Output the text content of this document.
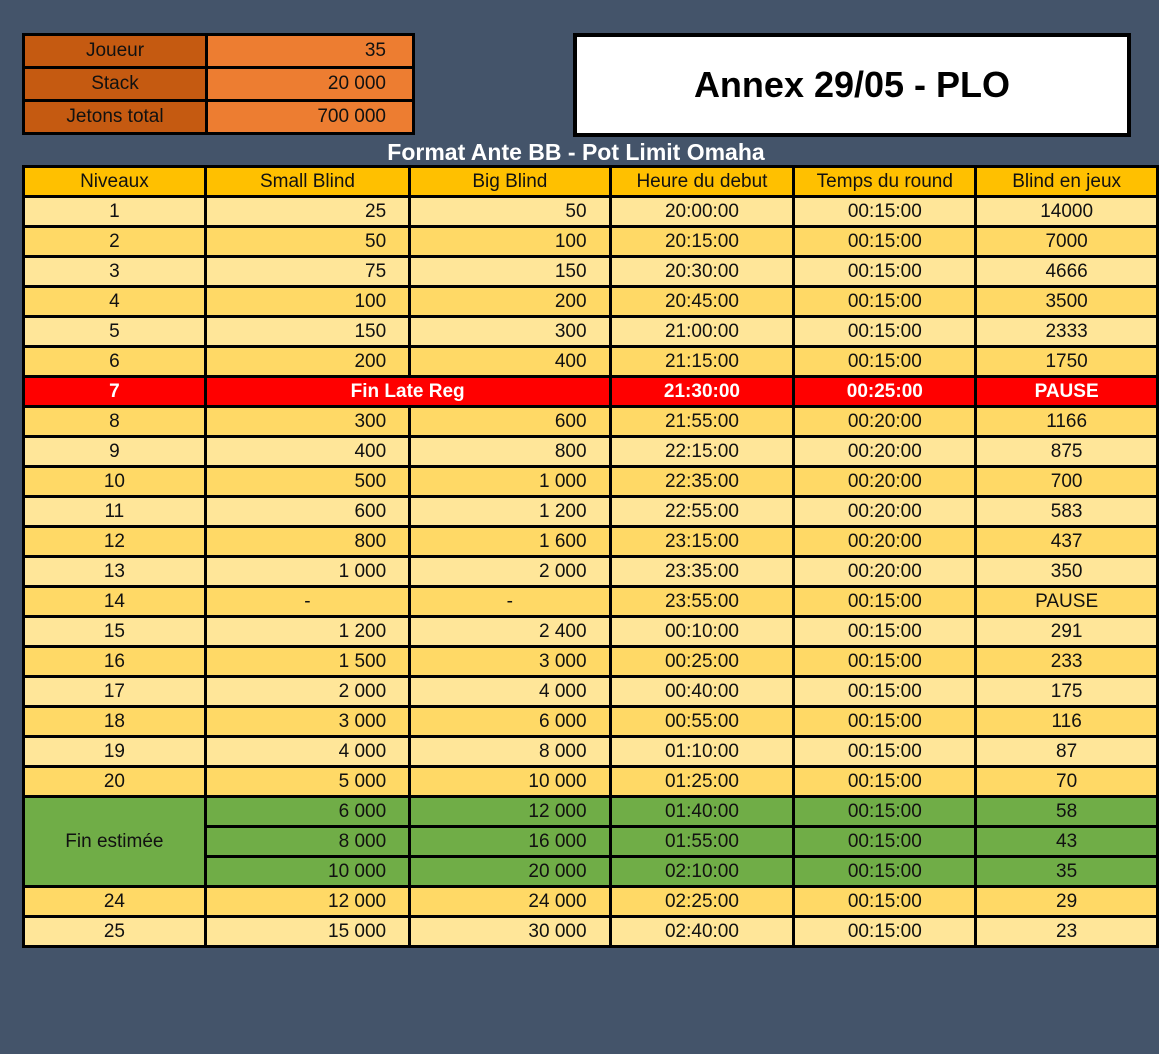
Joueur	35
Stack	20 000
Jetons total	700 000
Annex 29/05 - PLO
Format Ante BB - Pot Limit Omaha
Niveaux	Small Blind	Big Blind	Heure du debut	Temps du round	Blind en jeux
1	25	50	20:00:00	00:15:00	14000
2	50	100	20:15:00	00:15:00	7000
3	75	150	20:30:00	00:15:00	4666
4	100	200	20:45:00	00:15:00	3500
5	150	300	21:00:00	00:15:00	2333
6	200	400	21:15:00	00:15:00	1750
7	Fin Late Reg		21:30:00	00:25:00	PAUSE
8	300	600	21:55:00	00:20:00	1166
9	400	800	22:15:00	00:20:00	875
10	500	1 000	22:35:00	00:20:00	700
11	600	1 200	22:55:00	00:20:00	583
12	800	1 600	23:15:00	00:20:00	437
13	1 000	2 000	23:35:00	00:20:00	350
14	-	-	23:55:00	00:15:00	PAUSE
15	1 200	2 400	00:10:00	00:15:00	291
16	1 500	3 000	00:25:00	00:15:00	233
17	2 000	4 000	00:40:00	00:15:00	175
18	3 000	6 000	00:55:00	00:15:00	116
19	4 000	8 000	01:10:00	00:15:00	87
20	5 000	10 000	01:25:00	00:15:00	70
Fin estimée	6 000	12 000	01:40:00	00:15:00	58
	8 000	16 000	01:55:00	00:15:00	43
	10 000	20 000	02:10:00	00:15:00	35
24	12 000	24 000	02:25:00	00:15:00	29
25	15 000	30 000	02:40:00	00:15:00	23
